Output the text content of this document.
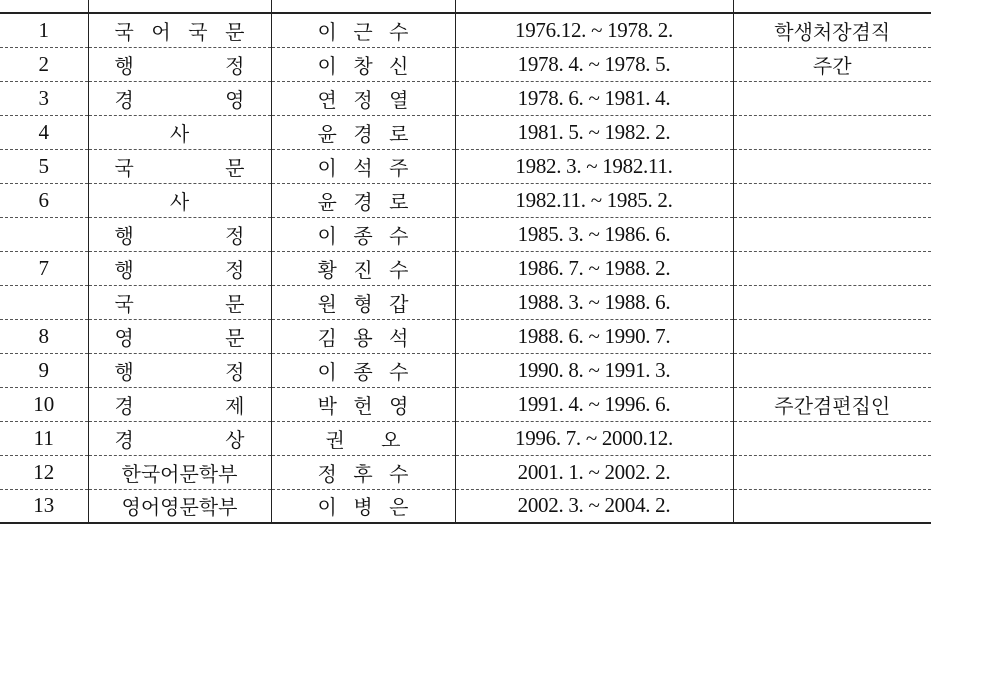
1	국 어 국 문	이 근 수	1976.12. ~ 1978. 2.	학생처장겸직
2	행 정	이 창 신	1978. 4. ~ 1978. 5.	주간
3	경 영	연 정 열	1978. 6. ~ 1981. 4.	
4	사	윤 경 로	1981. 5. ~ 1982. 2.	
5	국 문	이 석 주	1982. 3. ~ 1982.11.	
6	사	윤 경 로	1982.11. ~ 1985. 2.	

	행 정	이 종 수	1985. 3. ~ 1986. 6.	
7	행 정	황 진 수	1986. 7. ~ 1988. 2.	

	국 문	원 형 갑	1988. 3. ~ 1988. 6.	
8	영 문	김 용 석	1988. 6. ~ 1990. 7.	
9	행 정	이 종 수	1990. 8. ~ 1991. 3.	
10	경 제	박 헌 영	1991. 4. ~ 1996. 6.	주간겸편집인
11	경 상	권 오	1996. 7. ~ 2000.12.	
12	한국어문학부	정 후 수	2001. 1. ~ 2002. 2.	
13	영어영문학부	이 병 은	2002. 3. ~ 2004. 2.	
